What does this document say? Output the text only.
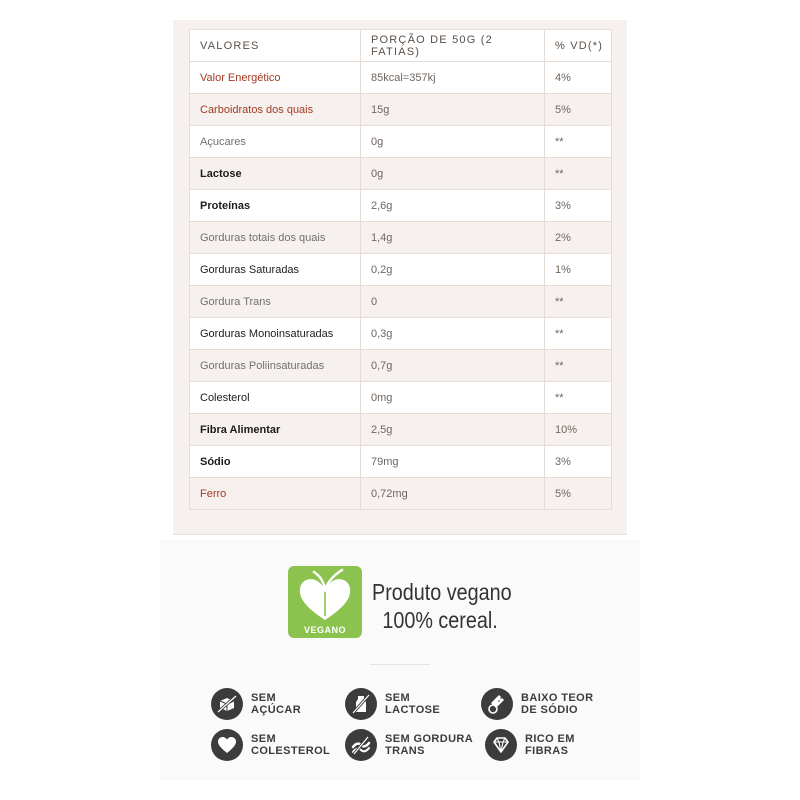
VALORES	PORÇÃO DE 50G (2 FATIAS)	% VD(*)
Valor Energético	85kcal=357kj	4%
Carboidratos dos quais	15g	5%
Açucares	0g	**
Lactose	0g	**
Proteínas	2,6g	3%
Gorduras totais dos quais	1,4g	2%
Gorduras Saturadas	0,2g	1%
Gordura Trans	0	**
Gorduras Monoinsaturadas	0,3g	**
Gorduras Poliinsaturadas	0,7g	**
Colesterol	0mg	**
Fibra Alimentar	2,5g	10%
Sódio	79mg	3%
Ferro	0,72mg	5%
VEGANO
Produto vegano
100% cereal.
SEM
AÇÚCAR
SEM
LACTOSE
BAIXO TEOR
DE SÓDIO
SEM
COLESTEROL
SEM GORDURA
TRANS
RICO EM
FIBRAS
